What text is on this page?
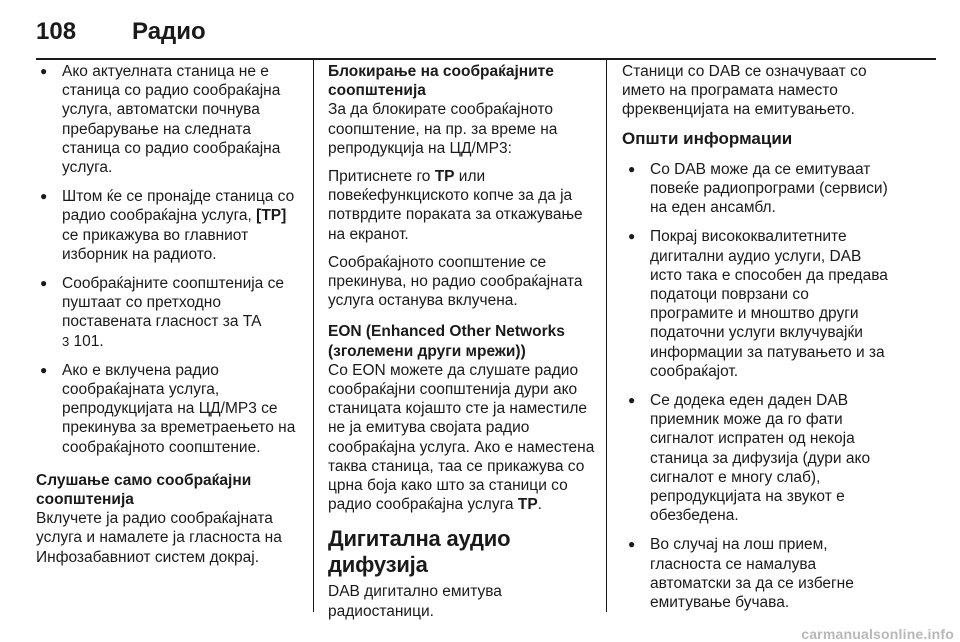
108	Радио
● Ако актуелната станица не е станица со радио сообраќајна услуга, автоматски почнува пребарување на следната станица со радио сообраќајна услуга.
● Штом ќе се пронајде станица со радио сообраќајна услуга, [TP] се прикажува во главниот изборник на радиото.
● Сообраќајните соопштенија се пуштаат со претходно поставената гласност за TA
3 101.
● Ако е вклучена радио сообраќајната услуга, репродукцијата на ЦД/MP3 се прекинува за времетраењето на сообраќајното соопштение.

Слушање само сообраќајни соопштенија

Вклучете ја радио сообраќајната услуга и намалете ја гласноста на Инфозабавниот систем докрај.

Блокирање на сообраќајните соопштенија

За да блокирате сообраќајното соопштение, на пр. за време на репродукција на ЦД/MP3:

Притиснете го TP или повеќефункциското копче за да ја потврдите пораката за откажување на екранот.

Сообраќајното соопштение се прекинува, но радио сообраќајната услуга останува вклучена.

EON (Enhanced Other Networks (зголемени други мрежи))

Со EON можете да слушате радио сообраќајни соопштенија дури ако станицата којашто сте ја наместиле не ја емитува својата радио сообраќајна услуга. Ако е наместена таква станица, таа се прикажува со црна боја како што за станици со радио сообраќајна услуга TP.

Дигитална аудио дифузија

DAB дигитално емитува радиостаници.

Станици со DAB се означуваат со името на програмата наместо фреквенцијата на емитувањето.

Општи информации

● Со DAB може да се емитуваат повеќе радиопрограми (сервиси) на еден ансамбл.
● Покрај висококвалитетните дигитални аудио услуги, DAB исто така е способен да предава податоци поврзани со програмите и мноштво други податочни услуги вклучувајќи информации за патувањето и за сообраќајот.
● Се додека еден даден DAB приемник може да го фати сигналот испратен од некоја станица за дифузија (дури ако сигналот е многу слаб), репродукцијата на звукот е обезбедена.
● Во случај на лош прием, гласноста се намалува автоматски за да се избегне емитување бучава.
carmanualsonline.info
